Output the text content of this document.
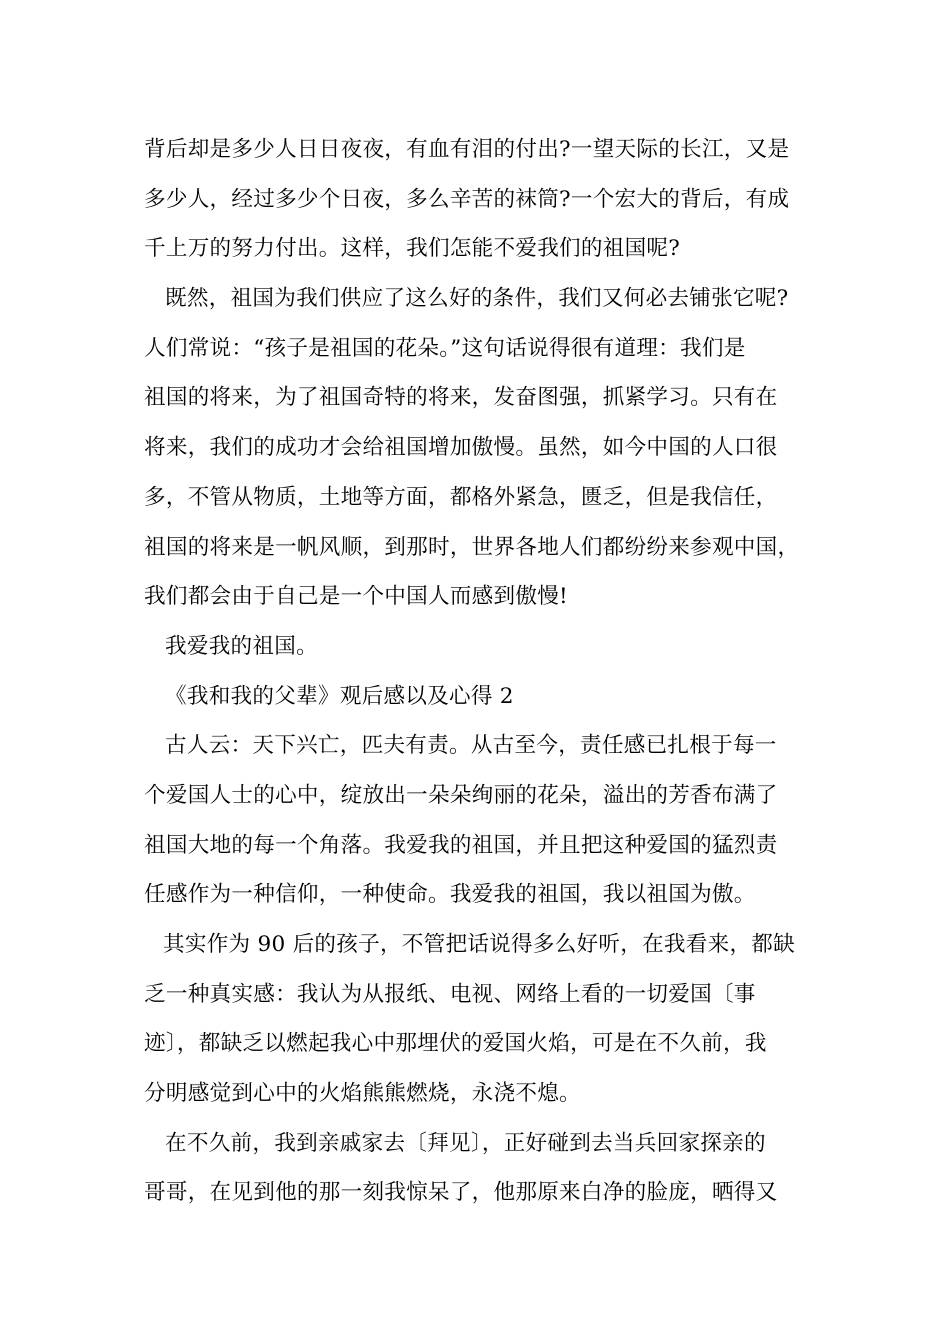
背后却是多少人日日夜夜，有血有泪的付出?一望天际的长江，又是
多少人，经过多少个日夜，多么辛苦的袜筒?一个宏大的背后，有成
千上万的努力付出。这样，我们怎能不爱我们的祖国呢?
既然，祖国为我们供应了这么好的条件，我们又何必去铺张它呢?
人们常说：“孩子是祖国的花朵。”这句话说得很有道理：我们是
祖国的将来，为了祖国奇特的将来，发奋图强，抓紧学习。只有在
将来，我们的成功才会给祖国增加傲慢。虽然，如今中国的人口很
多，不管从物质，土地等方面，都格外紧急，匮乏，但是我信任，
祖国的将来是一帆风顺，到那时，世界各地人们都纷纷来参观中国，
我们都会由于自己是一个中国人而感到傲慢!
我爱我的祖国。
《我和我的父辈》观后感以及心得 2
古人云：天下兴亡，匹夫有责。从古至今，责任感已扎根于每一
个爱国人士的心中，绽放出一朵朵绚丽的花朵，溢出的芳香布满了
祖国大地的每一个角落。我爱我的祖国，并且把这种爱国的猛烈责
任感作为一种信仰，一种使命。我爱我的祖国，我以祖国为傲。
其实作为 90 后的孩子，不管把话说得多么好听，在我看来，都缺
乏一种真实感：我认为从报纸、电视、网络上看的一切爱国〔事
迹〕，都缺乏以燃起我心中那埋伏的爱国火焰，可是在不久前，我
分明感觉到心中的火焰熊熊燃烧，永浇不熄。
在不久前，我到亲戚家去〔拜见〕，正好碰到去当兵回家探亲的
哥哥，在见到他的那一刻我惊呆了，他那原来白净的脸庞，晒得又
